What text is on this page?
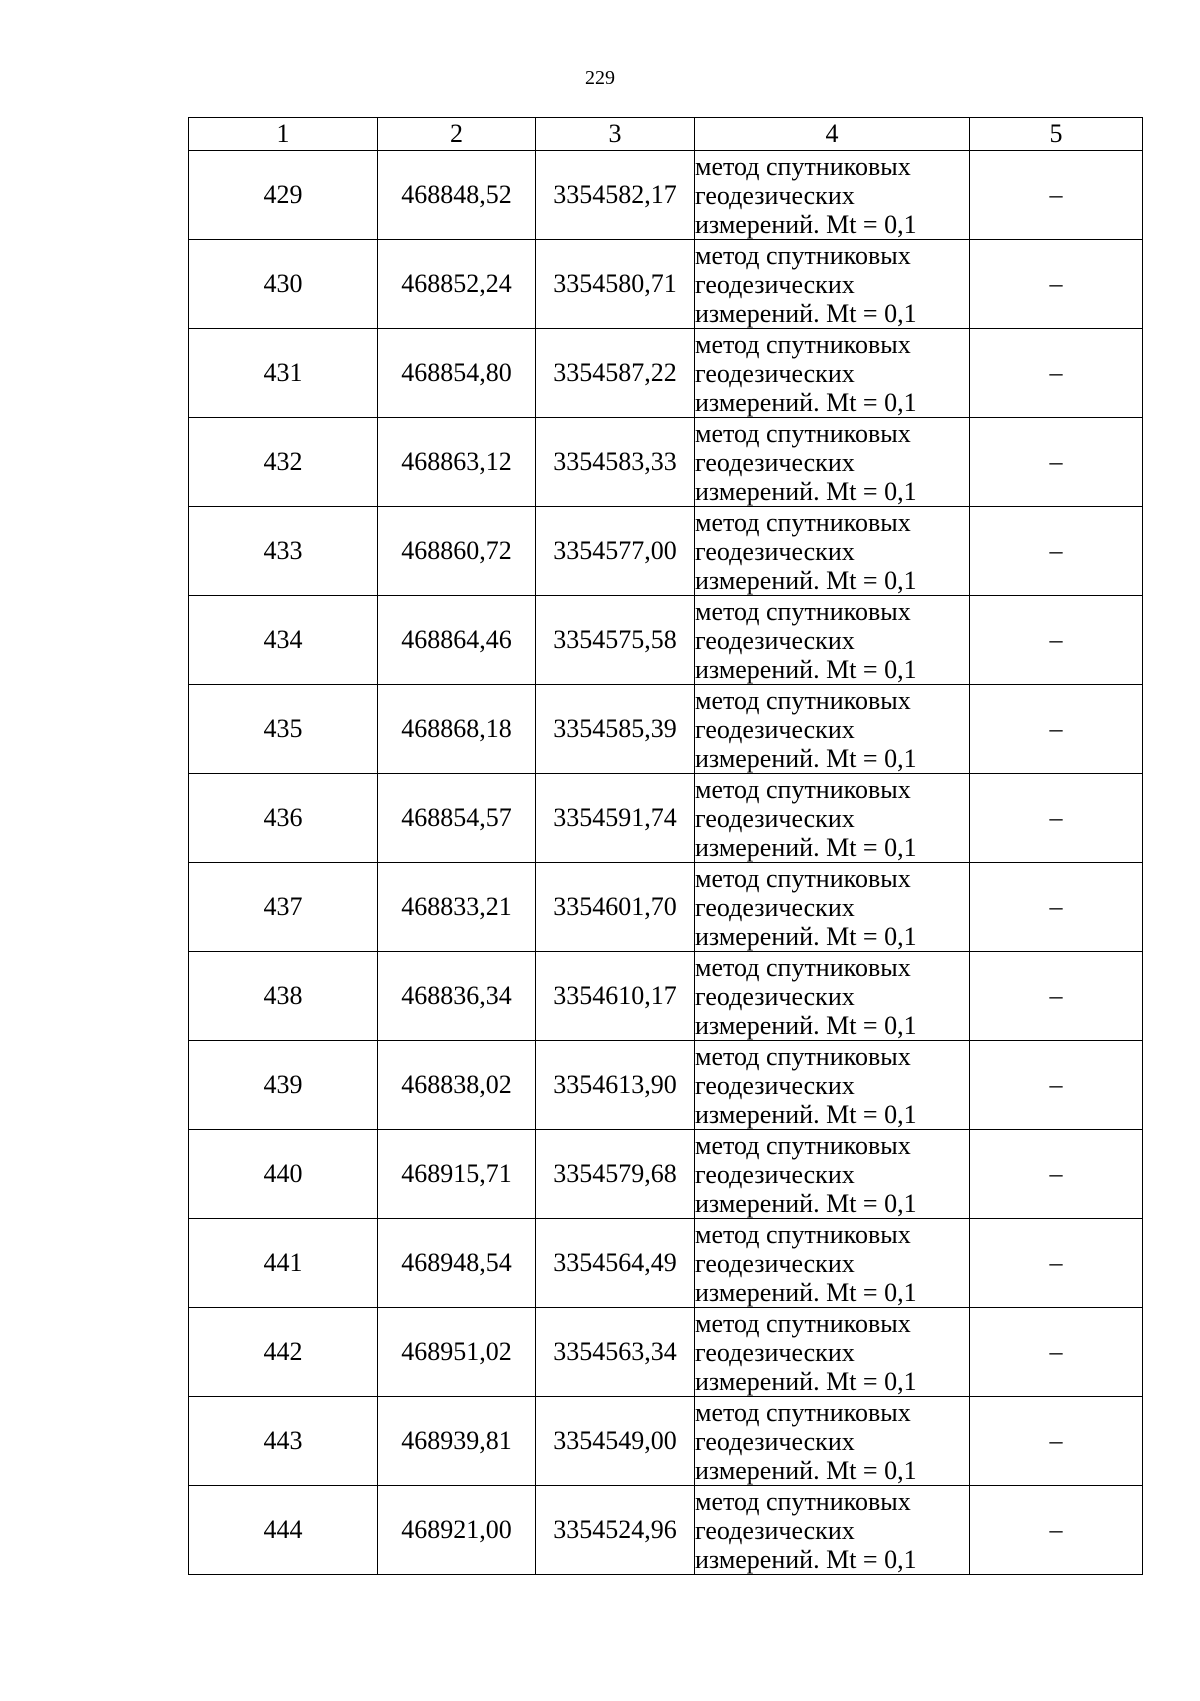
229
1	2	3	4	5
429	468848,52	3354582,17	метод спутниковых
геодезических
измерений. Mt = 0,1	–
430	468852,24	3354580,71	метод спутниковых
геодезических
измерений. Mt = 0,1	–
431	468854,80	3354587,22	метод спутниковых
геодезических
измерений. Mt = 0,1	–
432	468863,12	3354583,33	метод спутниковых
геодезических
измерений. Mt = 0,1	–
433	468860,72	3354577,00	метод спутниковых
геодезических
измерений. Mt = 0,1	–
434	468864,46	3354575,58	метод спутниковых
геодезических
измерений. Mt = 0,1	–
435	468868,18	3354585,39	метод спутниковых
геодезических
измерений. Mt = 0,1	–
436	468854,57	3354591,74	метод спутниковых
геодезических
измерений. Mt = 0,1	–
437	468833,21	3354601,70	метод спутниковых
геодезических
измерений. Mt = 0,1	–
438	468836,34	3354610,17	метод спутниковых
геодезических
измерений. Mt = 0,1	–
439	468838,02	3354613,90	метод спутниковых
геодезических
измерений. Mt = 0,1	–
440	468915,71	3354579,68	метод спутниковых
геодезических
измерений. Mt = 0,1	–
441	468948,54	3354564,49	метод спутниковых
геодезических
измерений. Mt = 0,1	–
442	468951,02	3354563,34	метод спутниковых
геодезических
измерений. Mt = 0,1	–
443	468939,81	3354549,00	метод спутниковых
геодезических
измерений. Mt = 0,1	–
444	468921,00	3354524,96	метод спутниковых
геодезических
измерений. Mt = 0,1	–
